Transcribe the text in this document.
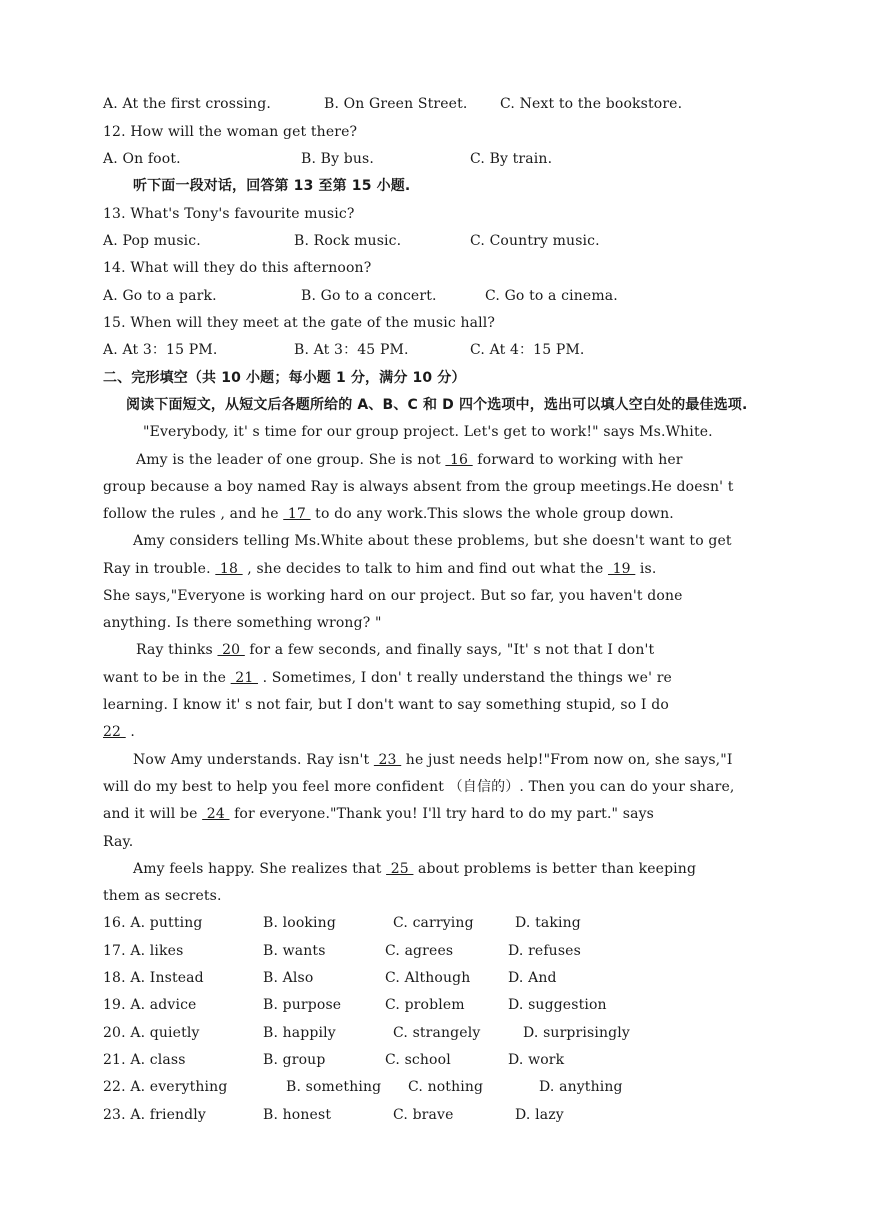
A. At the first crossing.	B. On Green Street. C. Next to the bookstore.
12. How will the woman get there?
A. On foot.	B. By bus.	C. By train.
听下面一段对话，回答第 13 至第 15 小题.
13. What's Tony's favourite music?
A. Pop music.	B. Rock music.	C. Country music.
14. What will they do this afternoon?
A. Go to a park.	B. Go to a concert.	C. Go to a cinema.
15. When will they meet at the gate of the music hall?
A. At 3：15 PM.	B. At 3：45 PM.	C. At 4：15 PM.
二、完形填空（共 10 小题；每小题 1 分，满分 10 分）
阅读下面短文，从短文后各题所给的 A、B、C 和 D 四个选项中，选出可以填人空白处的最佳选项.
"Everybody, it' s time for our group project. Let's get to work!" says Ms.White.
Amy is the leader of one group. She is not  16  forward to working with her
group because a boy named Ray is always absent from the group meetings.He doesn' t
follow the rules , and he  17  to do any work.This slows the whole group down.
Amy considers telling Ms.White about these problems, but she doesn't want to get
Ray in trouble.  18  , she decides to talk to him and find out what the  19  is.
She says,"Everyone is working hard on our project. But so far, you haven't done
anything. Is there something wrong? "
Ray thinks  20  for a few seconds, and finally says, "It' s not that I don't
want to be in the  21  . Sometimes, I don' t really understand the things we' re
learning. I know it' s not fair, but I don't want to say something stupid, so I do
22  .
Now Amy understands. Ray isn't  23  he just needs help!"From now on, she says,"I
will do my best to help you feel more confident （自信的）. Then you can do your share,
and it will be  24  for everyone."Thank you! I'll try hard to do my part." says
Ray.
Amy feels happy. She realizes that  25  about problems is better than keeping
them as secrets.
16. A. putting	B. looking	C. carrying	D. taking
17. A. likes	B. wants	C. agrees	D. refuses
18. A. Instead	B. Also	C. Although	D. And
19. A. advice	B. purpose	C. problem	D. suggestion
20. A. quietly	B. happily	C. strangely	D. surprisingly
21. A. class	B. group	C. school	D. work
22. A. everything	B. something C. nothing	D. anything
23. A. friendly	B. honest	C. brave	D. lazy
